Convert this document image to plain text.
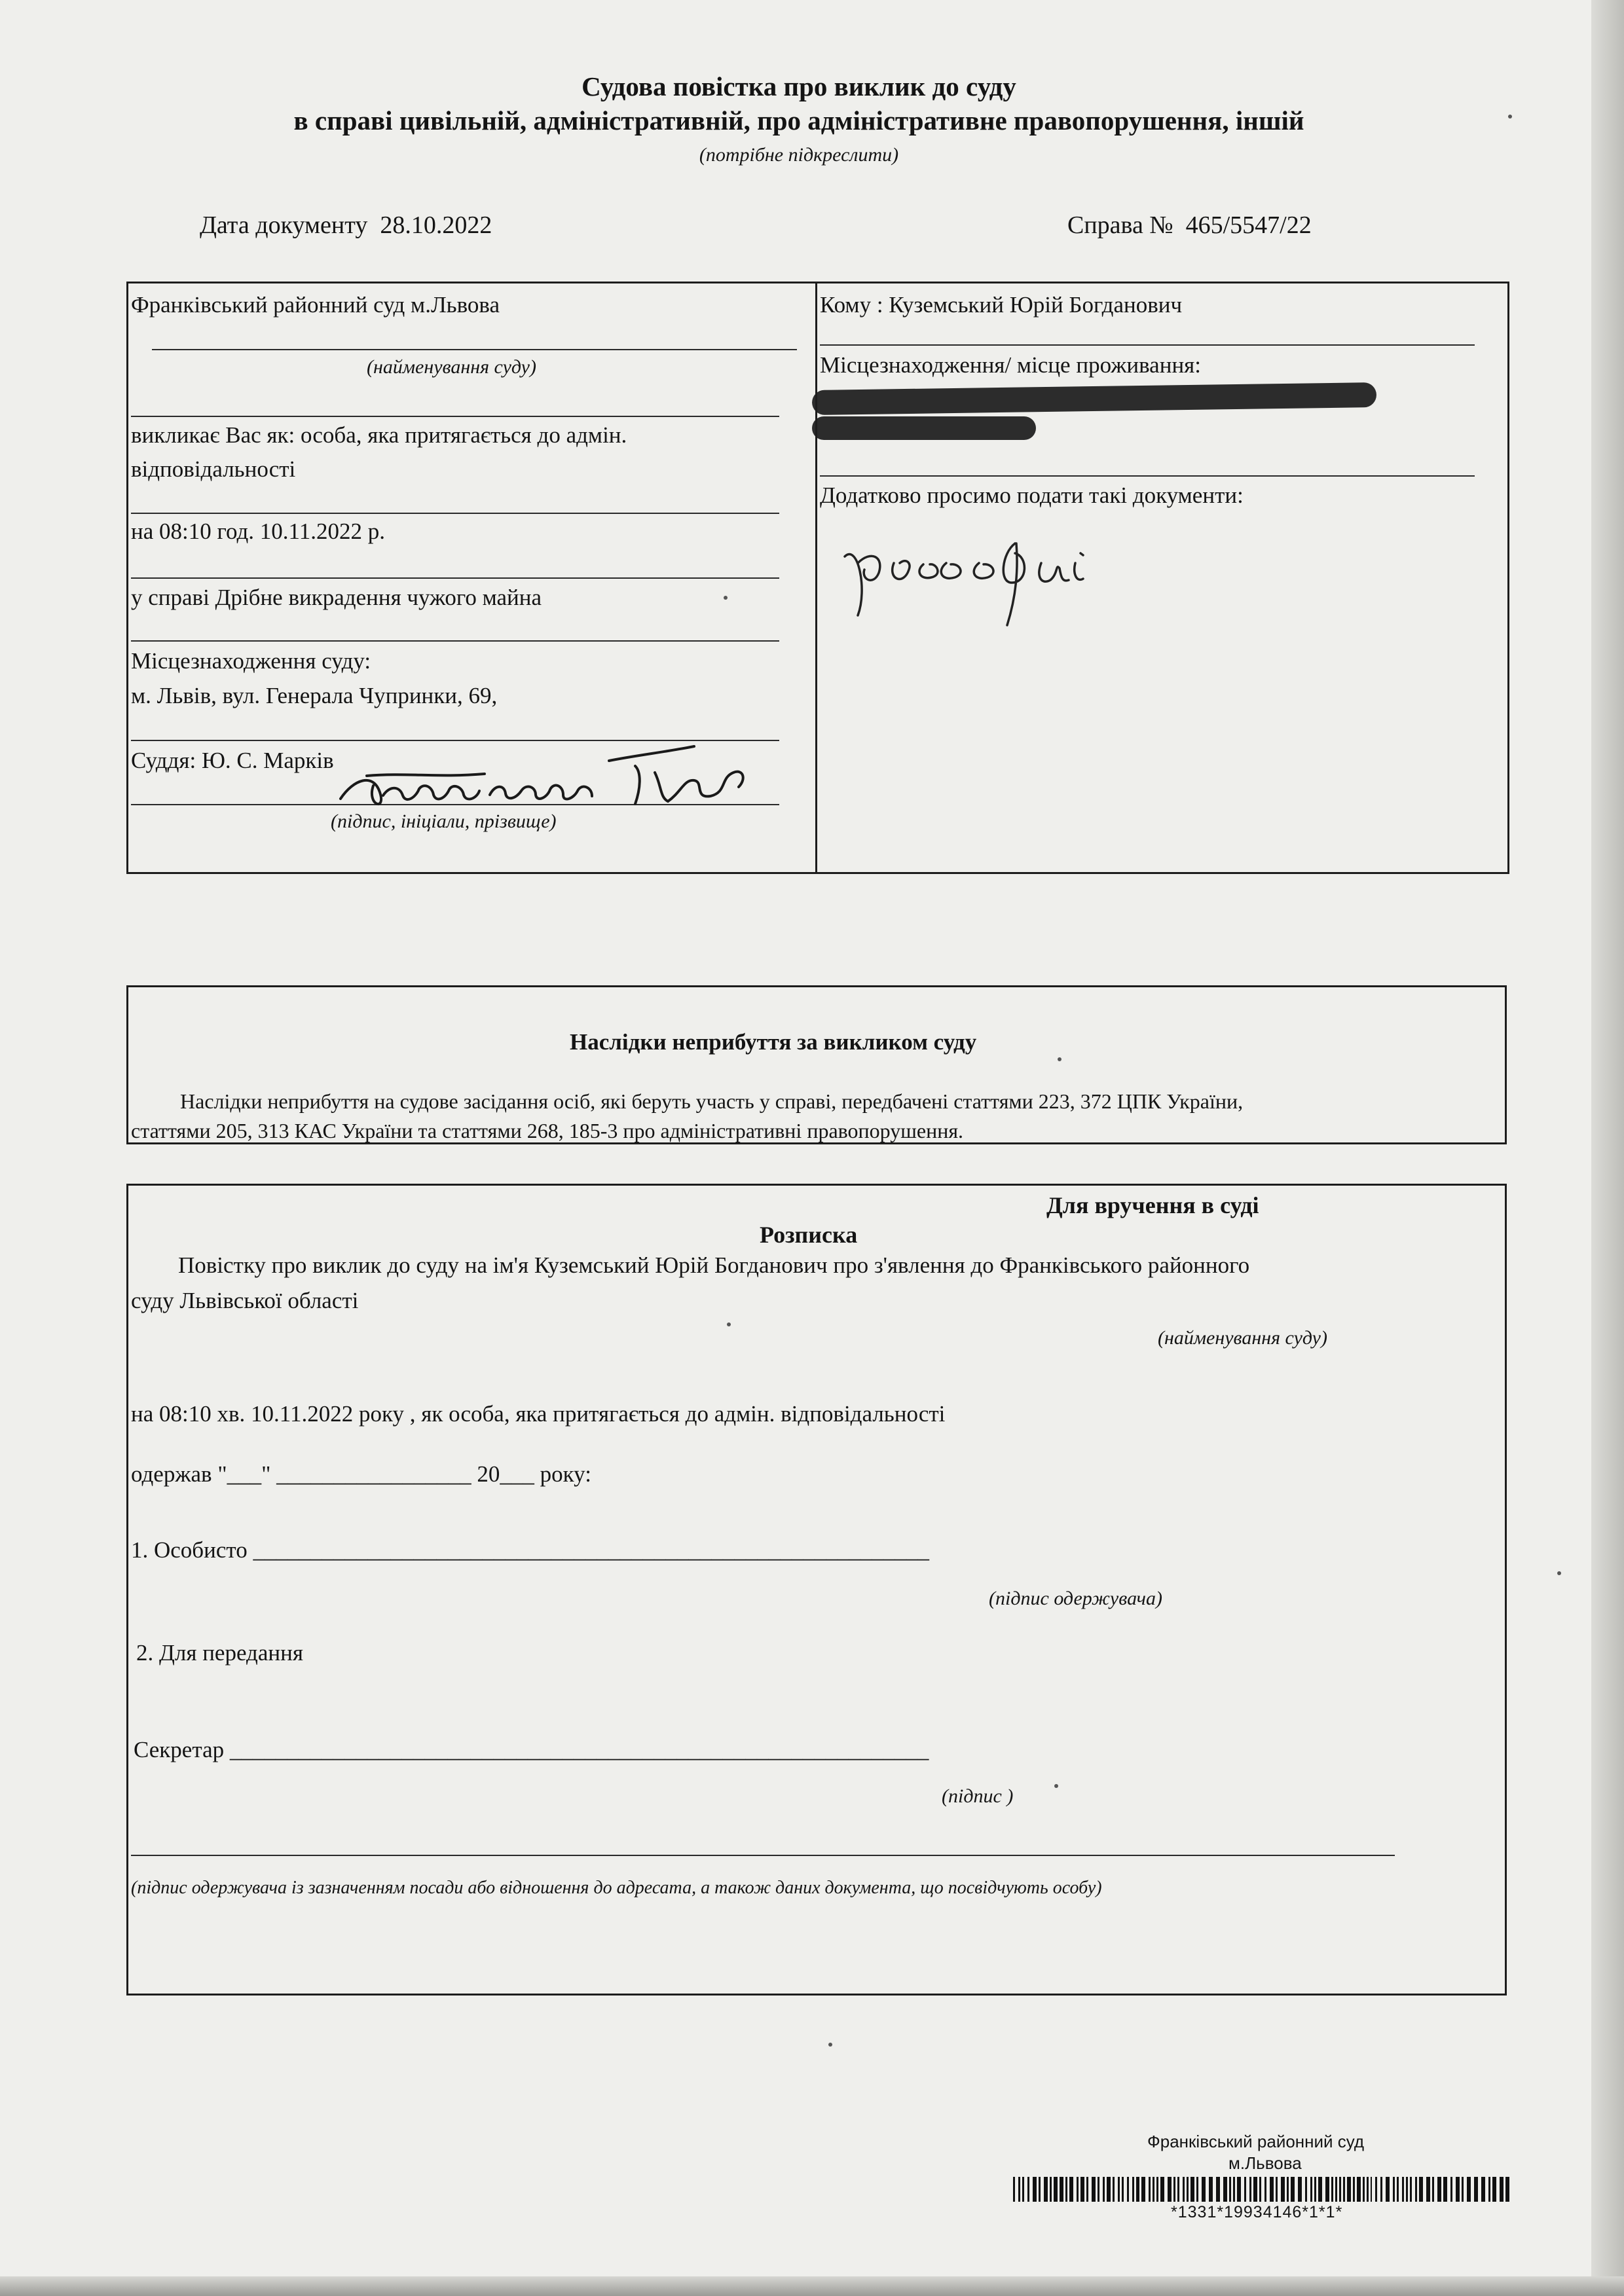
Судова повістка про виклик до суду
в справі цивільній, адміністративній, про адміністративне правопорушення, іншій
(потрібне підкреслити)
Дата документу 28.10.2022	Справа № 465/5547/22
Франківський районний суд м.Львова
(найменування суду)
викликає Вас як: особа, яка притягається до адмін.
відповідальності
на 08:10 год. 10.11.2022 р.
у справі Дрібне викрадення чужого майна
Місцезнаходження суду:
м. Львів, вул. Генерала Чупринки, 69,
Суддя: Ю. С. Марків
(підпис, ініціали, прізвище)
Кому : Куземський Юрій Богданович
Місцезнаходження/ місце проживання:
Додатково просимо подати такі документи:
Наслідки неприбуття за викликом суду
Наслідки неприбуття на судове засідання осіб, які беруть участь у справі, передбачені статтями 223, 372 ЦПК України,
статтями 205, 313 КАС України та статтями 268, 185-3 про адміністративні правопорушення.
Для вручення в суді
Розписка
Повістку про виклик до суду на ім'я Куземський Юрій Богданович про з'явлення до Франківського районного
суду Львівської області
(найменування суду)
на 08:10 хв. 10.11.2022 року , як особа, яка притягається до адмін. відповідальності
одержав "___" _________________ 20___ року:
1. Особисто ___________________________________________________________
(підпис одержувача)
2. Для передання
Секретар _____________________________________________________________
(підпис )
(підпис одержувача із зазначенням посади або відношення до адресата, а також даних документа, що посвідчують особу)
Франківський районний суд
м.Львова
*1331*19934146*1*1*
